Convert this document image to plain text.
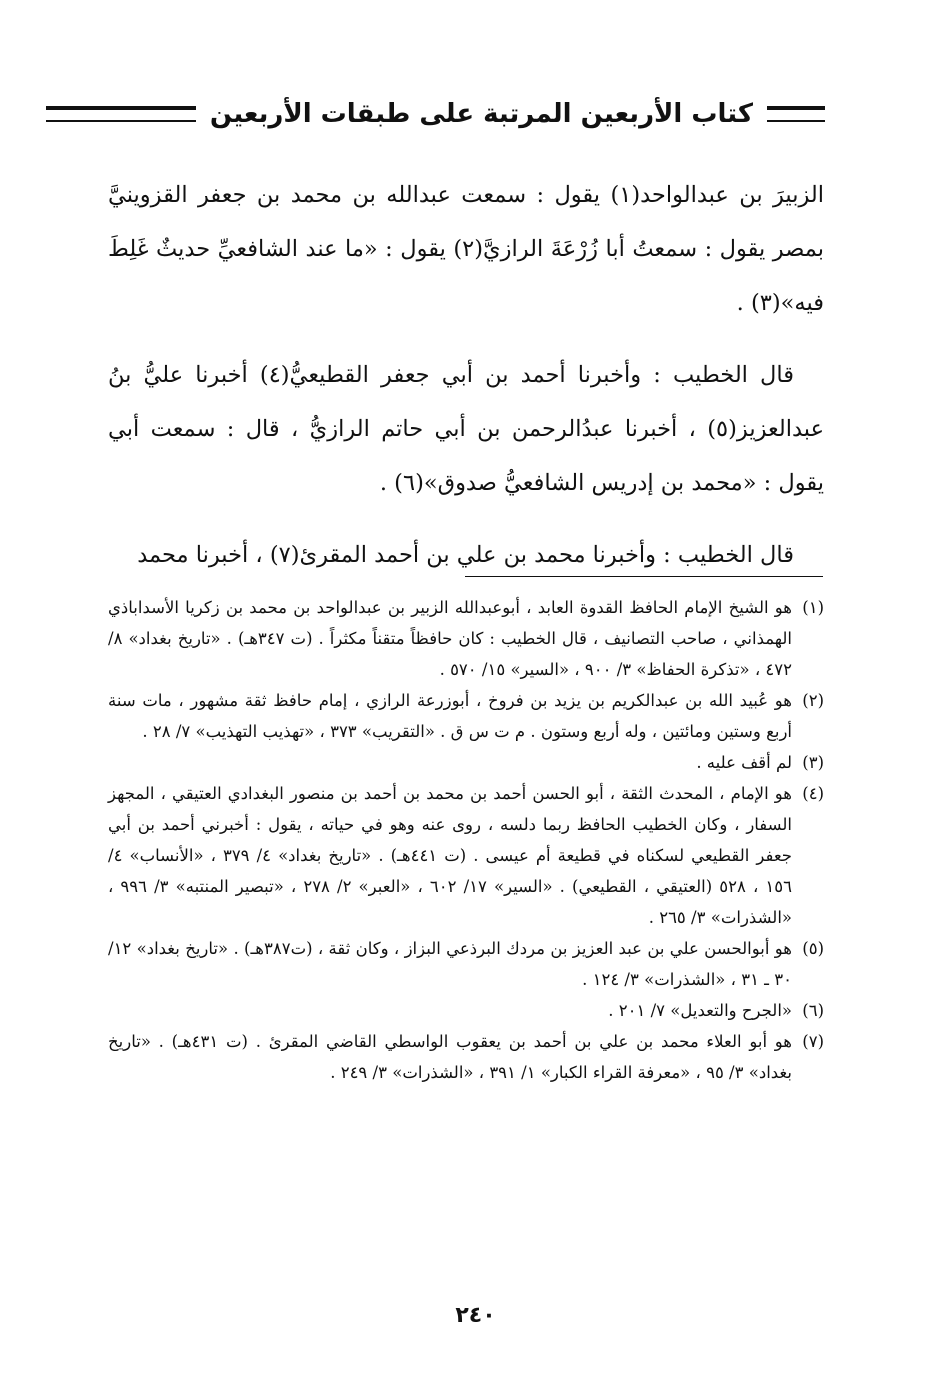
كتاب الأربعين المرتبة على طبقات الأربعين

الزبيرَ بن عبدالواحد(١) يقول : سمعت عبدالله بن محمد بن جعفر القزوينيَّ بمصر يقول : سمعتُ أبا زُرْعَةَ الرازيَّ(٢) يقول : «ما عند الشافعيِّ حديثٌ غَلِطَ فيه»(٣) .

قال الخطيب : وأخبرنا أحمد بن أبي جعفر القطيعيُّ(٤) أخبرنا عليُّ بنُ عبدالعزيز(٥) ، أخبرنا عبدُالرحمن بن أبي حاتم الرازيُّ ، قال : سمعت أبي يقول : «محمد بن إدريس الشافعيُّ صدوق»(٦) .

قال الخطيب : وأخبرنا محمد بن علي بن أحمد المقرئ(٧) ، أخبرنا محمد

(١)
هو الشيخ الإمام الحافظ القدوة العابد ، أبوعبدالله الزبير بن عبدالواحد بن محمد بن زكريا الأسداباذي الهمذاني ، صاحب التصانيف ، قال الخطيب : كان حافظاً متقناً مكثراً . (ت ٣٤٧هـ) . «تاريخ بغداد» ٨/ ٤٧٢ ، «تذكرة الحفاظ» ٣/ ٩٠٠ ، «السير» ١٥/ ٥٧٠ .
(٢)
هو عُبيد الله بن عبدالكريم بن يزيد بن فروخ ، أبوزرعة الرازي ، إمام حافظ ثقة مشهور ، مات سنة أربع وستين ومائتين ، وله أربع وستون . م ت س ق . «التقريب» ٣٧٣ ، «تهذيب التهذيب» ٧/ ٢٨ .
(٣)
لم أقف عليه .
(٤)
هو الإمام ، المحدث الثقة ، أبو الحسن أحمد بن محمد بن أحمد بن منصور البغدادي العتيقي ، المجهز السفار ، وكان الخطيب الحافظ ربما دلسه ، روى عنه وهو في حياته ، يقول : أخبرني أحمد بن أبي جعفر القطيعي لسكناه في قطيعة أم عيسى . (ت ٤٤١هـ) . «تاريخ بغداد» ٤/ ٣٧٩ ، «الأنساب» ٤/ ١٥٦ ، ٥٢٨ (العتيقي ، القطيعي) . «السير» ١٧/ ٦٠٢ ، «العبر» ٢/ ٢٧٨ ، «تبصير المنتبه» ٣/ ٩٩٦ ، «الشذرات» ٣/ ٢٦٥ .
(٥)
هو أبوالحسن علي بن عبد العزيز بن مردك البرذعي البزاز ، وكان ثقة ، (ت٣٨٧هـ) . «تاريخ بغداد» ١٢/ ٣٠ ـ ٣١ ، «الشذرات» ٣/ ١٢٤ .
(٦)
«الجرح والتعديل» ٧/ ٢٠١ .
(٧)
هو أبو العلاء محمد بن علي بن أحمد بن يعقوب الواسطي القاضي المقرئ . (ت ٤٣١هـ) . «تاريخ بغداد» ٣/ ٩٥ ، «معرفة القراء الكبار» ١/ ٣٩١ ، «الشذرات» ٣/ ٢٤٩ .
٢٤٠
